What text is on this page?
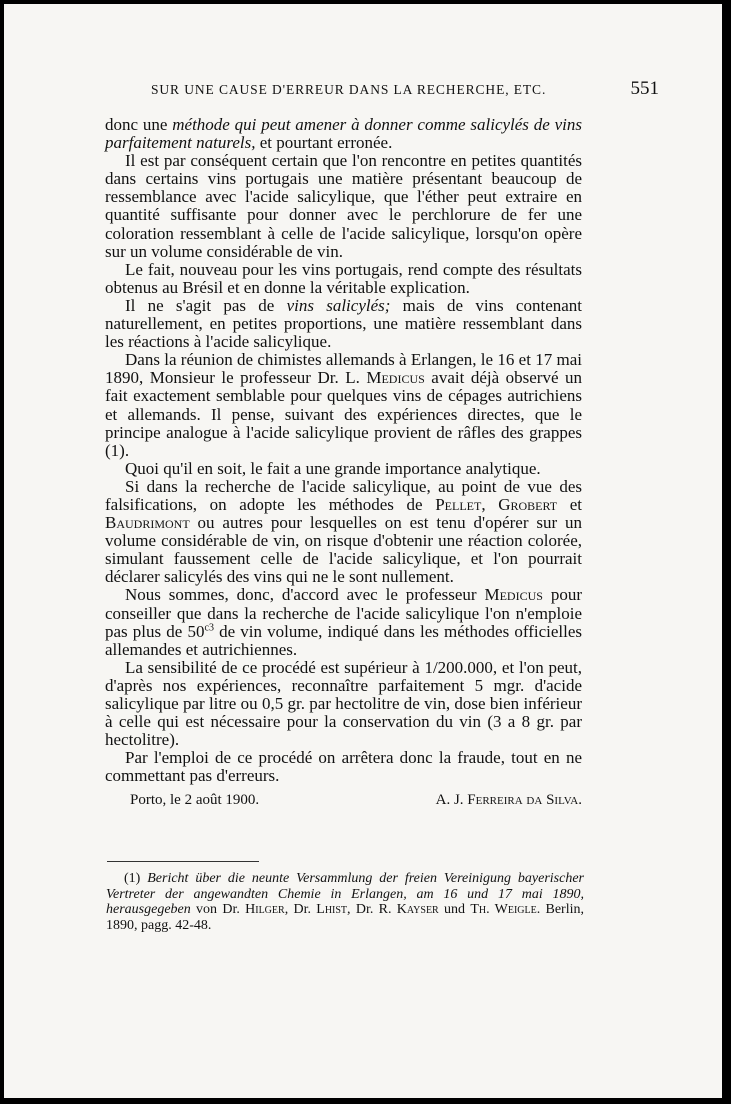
SUR UNE CAUSE D'ERREUR DANS LA RECHERCHE, ETC.	551

donc une méthode qui peut amener à donner comme salicylés de vins parfaitement naturels, et pourtant erronée.

Il est par conséquent certain que l'on rencontre en petites quantités dans certains vins portugais une matière présentant beaucoup de ressemblance avec l'acide salicylique, que l'éther peut extraire en quantité suffisante pour donner avec le perchlorure de fer une coloration ressemblant à celle de l'acide salicylique, lorsqu'on opère sur un volume considérable de vin.

Le fait, nouveau pour les vins portugais, rend compte des résultats obtenus au Brésil et en donne la véritable explication.

Il ne s'agit pas de vins salicylés; mais de vins contenant naturellement, en petites proportions, une matière ressemblant dans les réactions à l'acide salicylique.

Dans la réunion de chimistes allemands à Erlangen, le 16 et 17 mai 1890, Monsieur le professeur Dr. L. Medicus avait déjà observé un fait exactement semblable pour quelques vins de cépages autrichiens et allemands. Il pense, suivant des expériences directes, que le principe analogue à l'acide salicylique provient de râfles des grappes (1).

Quoi qu'il en soit, le fait a une grande importance analytique.

Si dans la recherche de l'acide salicylique, au point de vue des falsifications, on adopte les méthodes de Pellet, Grobert et Baudrimont ou autres pour lesquelles on est tenu d'opérer sur un volume considérable de vin, on risque d'obtenir une réaction colorée, simulant faussement celle de l'acide salicylique, et l'on pourrait déclarer salicylés des vins qui ne le sont nullement.

Nous sommes, donc, d'accord avec le professeur Medicus pour conseiller que dans la recherche de l'acide salicylique l'on n'emploie pas plus de $50^{c3}$ de vin volume, indiqué dans les méthodes officielles allemandes et autrichiennes.

La sensibilité de ce procédé est supérieur à 1/200.000, et l'on peut, d'après nos expériences, reconnaître parfaitement 5 mgr. d'acide salicylique par litre ou 0,5 gr. par hectolitre de vin, dose bien inférieur à celle qui est nécessaire pour la conservation du vin (3 a 8 gr. par hectolitre).

Par l'emploi de ce procédé on arrêtera donc la fraude, tout en ne commettant pas d'erreurs.

Porto, le 2 août 1900.	A. J. Ferreira da Silva.

(1) Bericht über die neunte Versammlung der freien Vereinigung bayerischer Vertreter der angewandten Chemie in Erlangen, am 16 und 17 mai 1890, herausgegeben von Dr. Hilger, Dr. Lhist, Dr. R. Kayser und Th. Weigle. Berlin, 1890, pagg. 42-48.
